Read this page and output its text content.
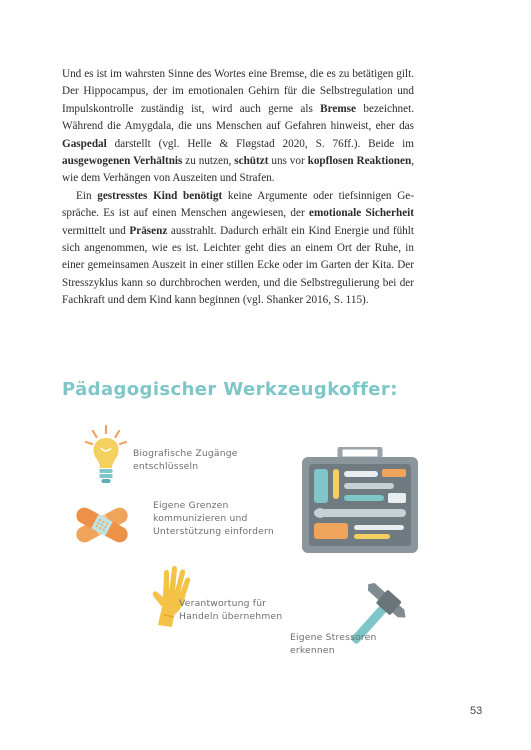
Und es ist im wahrsten Sinne des Wortes eine Bremse, die es zu betätigen gilt. Der Hippocampus, der im emotionalen Gehirn für die Selbstregulation und Impulskontrolle zuständig ist, wird auch gerne als Bremse bezeichnet. Während die Amygdala, die uns Menschen auf Gefahren hinweist, eher das Gaspedal darstellt (vgl. Helle & Fløgstad 2020, S. 76ff.). Beide im ausgewogenen Verhältnis zu nutzen, schützt uns vor kopflosen Reaktionen, wie dem Verhängen von Auszeiten und Strafen.

Ein gestresstes Kind benötigt keine Argumente oder tiefsinnigen Gespräche. Es ist auf einen Menschen angewiesen, der emotionale Sicherheit vermittelt und Präsenz ausstrahlt. Dadurch erhält ein Kind Energie und fühlt sich angenommen, wie es ist. Leichter geht dies an einem Ort der Ruhe, in einer gemeinsamen Auszeit in einer stillen Ecke oder im Garten der Kita. Der Stresszyklus kann so durchbrochen werden, und die Selbstregulierung bei der Fachkraft und dem Kind kann beginnen (vgl. Shanker 2016, S. 115).

Pädagogischer Werkzeugkoffer:
Biografische Zugänge
entschlüsseln
Eigene Grenzen
kommunizieren und
Unterstützung einfordern
Verantwortung für
Handeln übernehmen
Eigene Stressoren
erkennen
53
